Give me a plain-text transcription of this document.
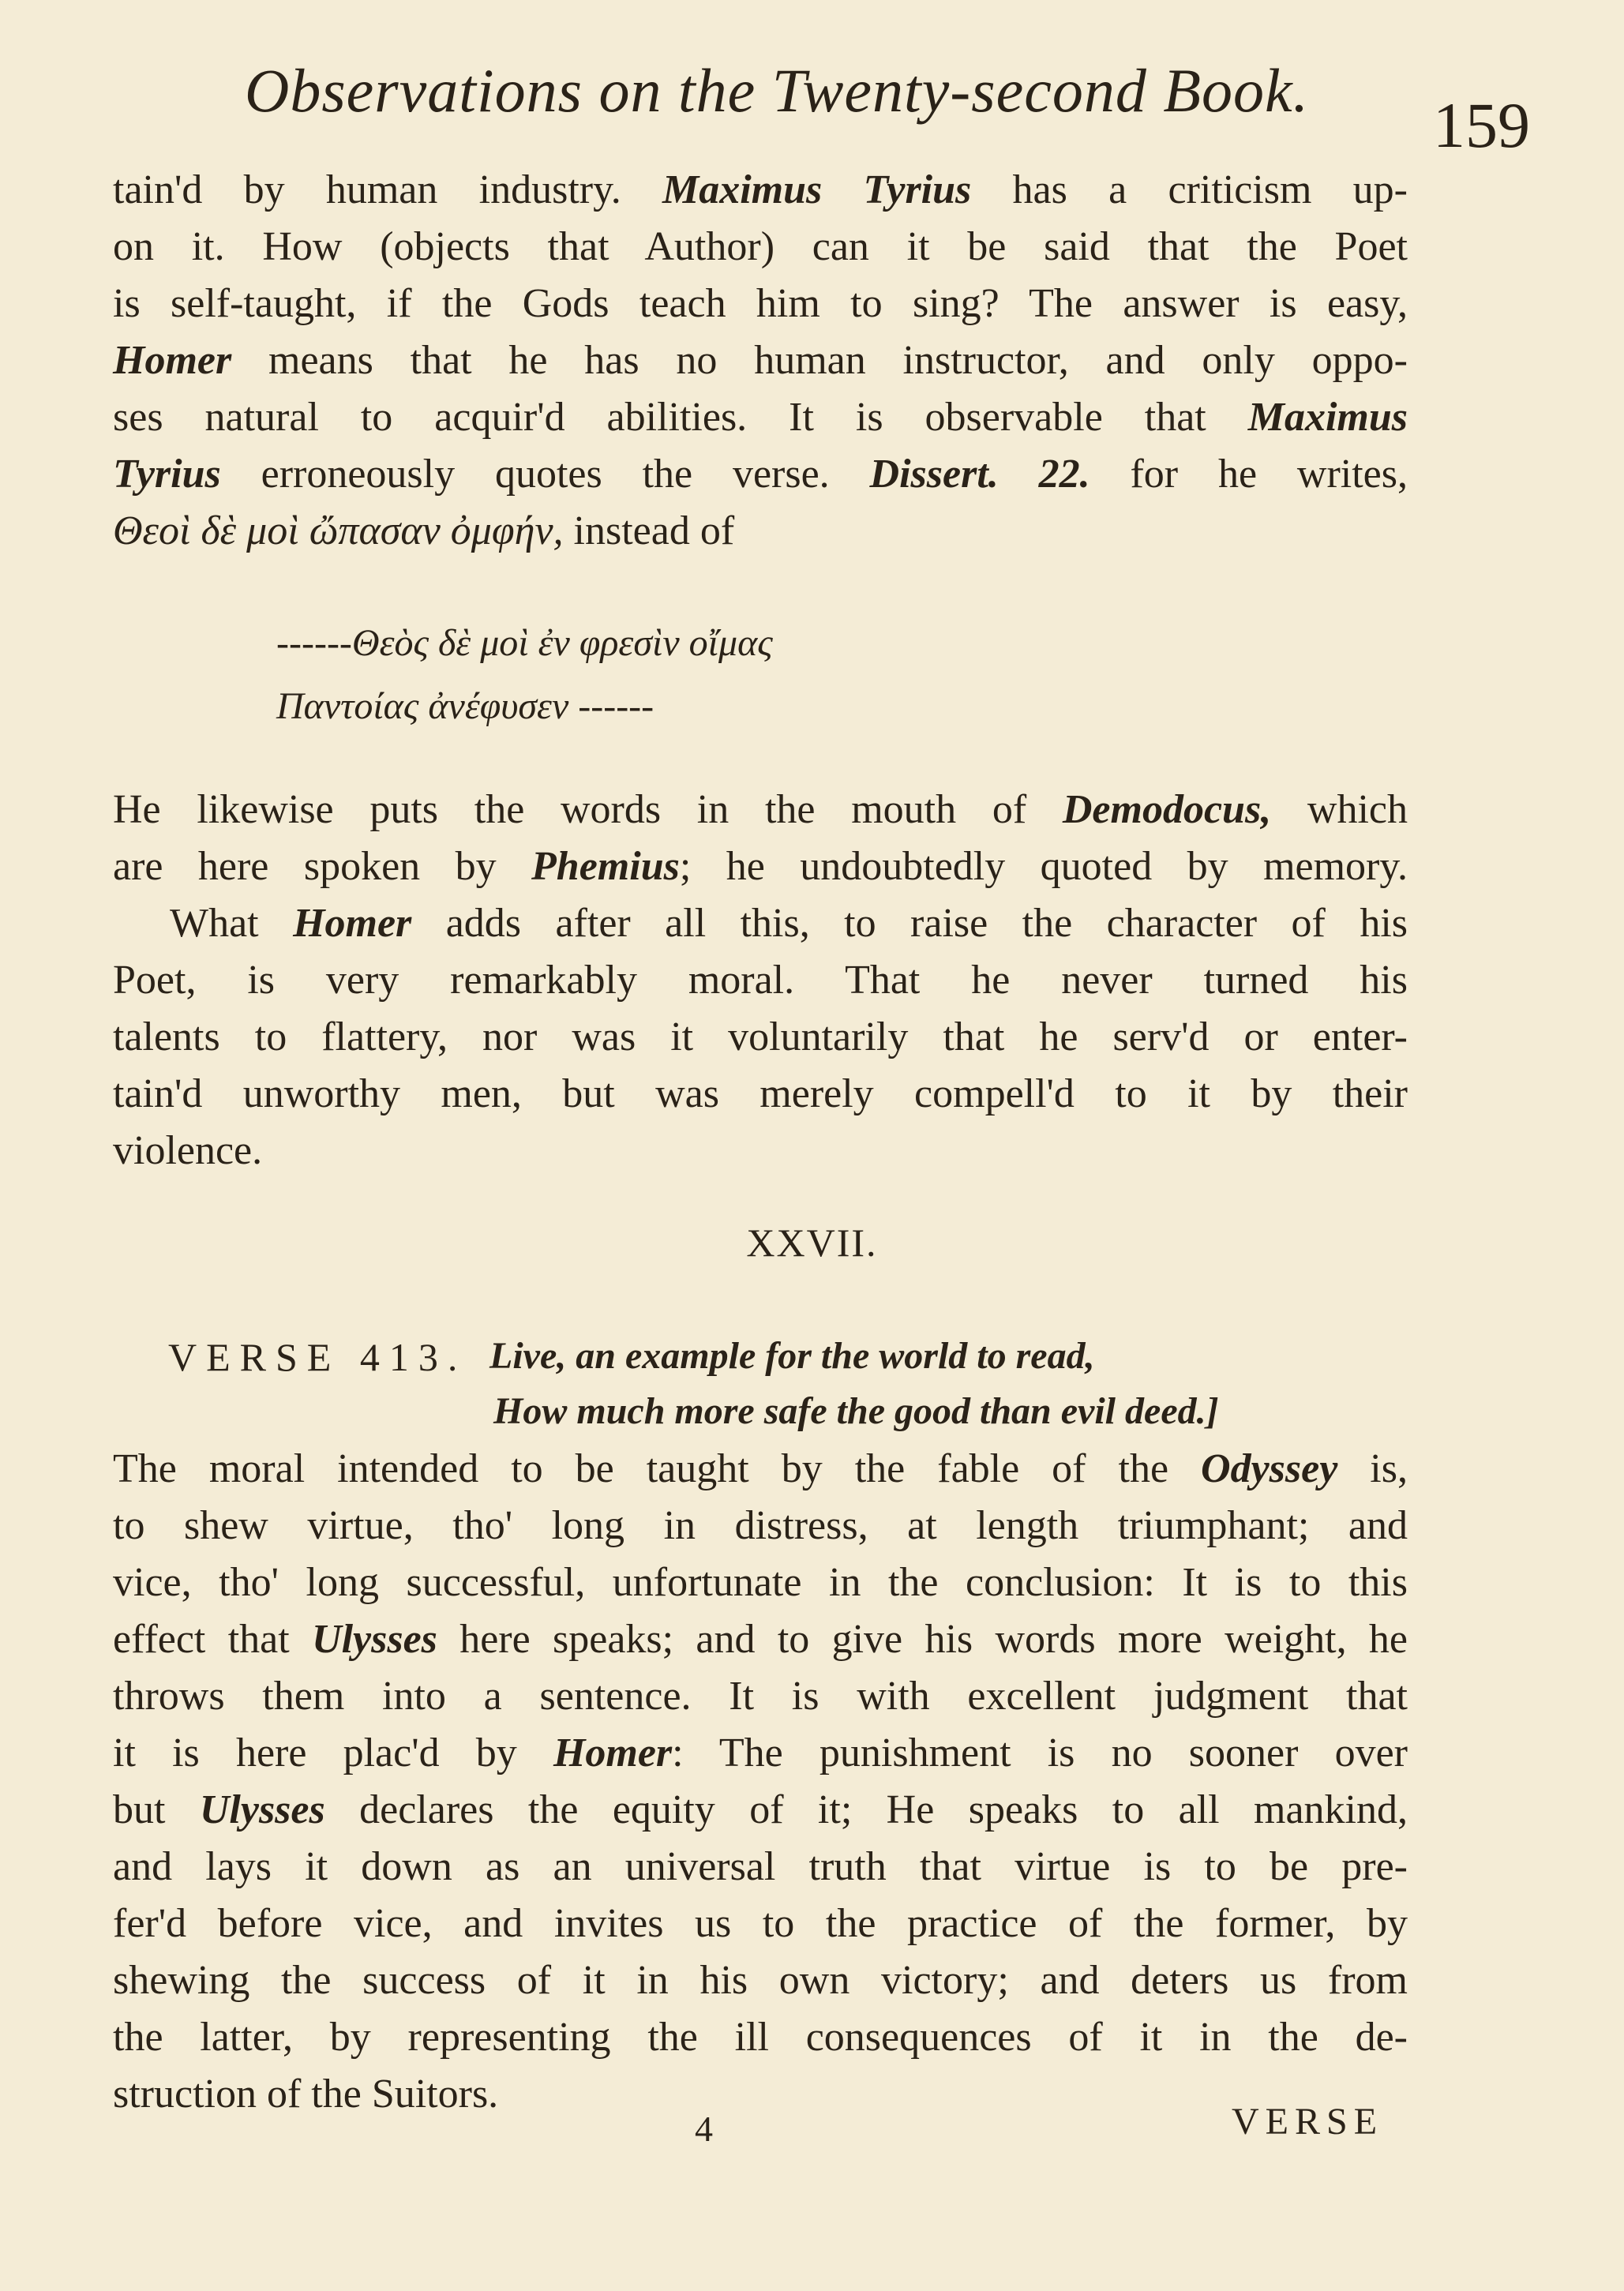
Observations on the Twenty-second Book. 159
tain'd by human industry. Maximus Tyrius has a criticism up-
on it. How (objects that Author) can it be said that the Poet
is self-taught, if the Gods teach him to sing? The answer is easy,
Homer means that he has no human instructor, and only oppo-
ses natural to acquir'd abilities. It is observable that Maximus
Tyrius erroneously quotes the verse. Dissert. 22. for he writes,
Θεοὶ δὲ μοὶ ὤπασαν ὀμφήν, instead of
------Θεὸς δὲ μοὶ ἐν φρεσὶν οἴμας
Παντοίας ἀνέφυσεν ------
He likewise puts the words in the mouth of Demodocus, which
are here spoken by Phemius; he undoubtedly quoted by memory.
What Homer adds after all this, to raise the character of his
Poet, is very remarkably moral. That he never turned his
talents to flattery, nor was it voluntarily that he serv'd or enter-
tain'd unworthy men, but was merely compell'd to it by their
violence.
XXVII.
VERSE 413. Live, an example for the world to read,
How much more safe the good than evil deed.]
The moral intended to be taught by the fable of the Odyssey is,
to shew virtue, tho' long in distress, at length triumphant; and
vice, tho' long successful, unfortunate in the conclusion: It is to this
effect that Ulysses here speaks; and to give his words more weight, he
throws them into a sentence. It is with excellent judgment that
it is here plac'd by Homer: The punishment is no sooner over
but Ulysses declares the equity of it; He speaks to all mankind,
and lays it down as an universal truth that virtue is to be pre-
fer'd before vice, and invites us to the practice of the former, by
shewing the success of it in his own victory; and deters us from
the latter, by representing the ill consequences of it in the de-
struction of the Suitors.
4	VERSE
